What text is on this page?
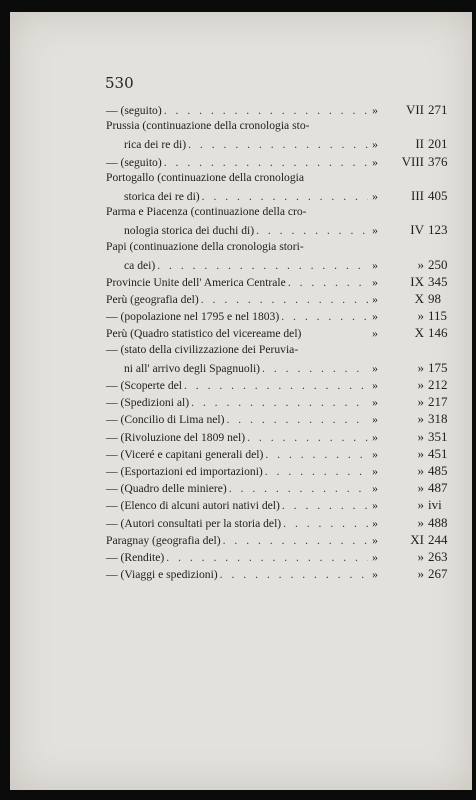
530
— (seguito) . . .	»	VII 271
Prussia (continuazione della cronologia sto-
rica dei re di) . . .	»	II 201
— (seguito) . . .	»	VIII 376
Portogallo (continuazione della cronologia
storica dei re di) . . .	»	III 405
Parma e Piacenza (continuazione della cro-
nologia storica dei duchi di) . . .	»	IV 123
Papi (continuazione della cronologia stori-
ca dei) . . .	»	» 250
Provincie Unite dell' America Centrale . . .	»	IX 345
Perù (geografia del) . . .	»	X 98
— (popolazione nel 1795 e nel 1803) . . .	»	» 115
Perù (Quadro statistico del vicereame del)	»	X 146
— (stato della civilizzazione dei Peruvia-
ni all' arrivo degli Spagnuoli) . . .	»	» 175
— (Scoperte del . . .	»	» 212
— (Spedizioni al) . . .	»	» 217
— (Concilio di Lima nel) . . .	»	» 318
— (Rivoluzione del 1809 nel) . . .	»	» 351
— (Viceré e capitani generali del) . . .	»	» 451
— (Esportazioni ed importazioni) . . .	»	» 485
— (Quadro delle miniere) . . .	»	» 487
— (Elenco di alcuni autori nativi del) . . .	»	» ivi
— (Autori consultati per la storia del) . . .	»	» 488
Paragnay (geografia del) . . .	»	XI 244
— (Rendite) . . .	»	» 263
— (Viaggi e spedizioni) . . .	»	» 267
